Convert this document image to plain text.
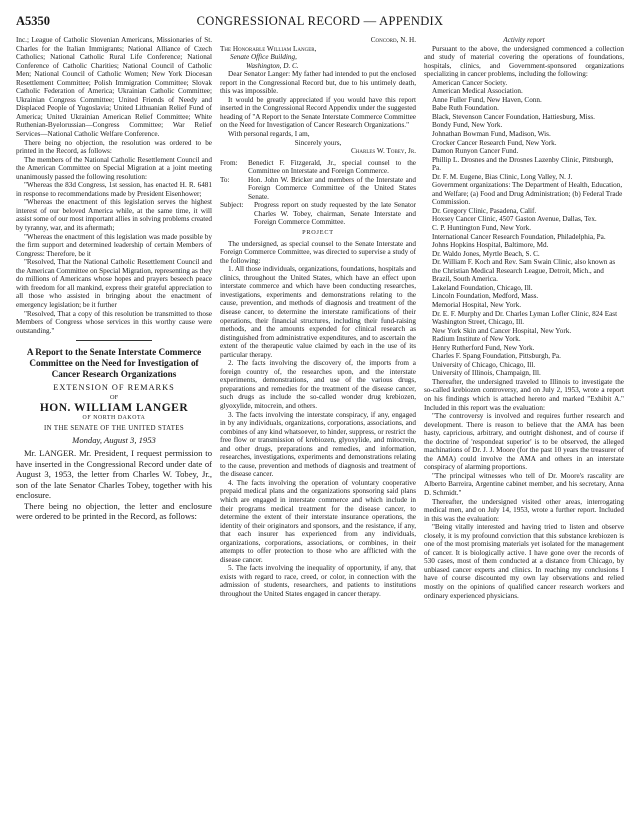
A5350	CONGRESSIONAL RECORD — APPENDIX

Inc.; League of Catholic Slovenian Americans, Missionaries of St. Charles for the Italian Immigrants; National Alliance of Czech Catholics; National Catholic Rural Life Conference; National Conference of Catholic Charities; National Council of Catholic Men; National Council of Catholic Women; New York Diocesan Resettlement Committee; Polish Immigration Committee; Slovak Catholic Federation of America; Ukrainian Catholic Committee; Ukrainian Congress Committee; United Friends of Needy and Displaced People of Yugoslavia; United Lithuanian Relief Fund of America; United Ukrainian American Relief Committee; White Ruthenian-Byelorussian—Congress Committee; War Relief Services—National Catholic Welfare Conference.

There being no objection, the resolution was ordered to be printed in the Record, as follows:

The members of the National Catholic Resettlement Council and the American Committee on Special Migration at a joint meeting unanimously passed the following resolution:

"Whereas the 83d Congress, 1st session, has enacted H. R. 6481 in response to recommendations made by President Eisenhower;

"Whereas the enactment of this legislation serves the highest interest of our beloved America while, at the same time, it will assist some of our most important allies in solving problems created by tyranny, war, and its aftermath;

"Whereas the enactment of this legislation was made possible by the firm support and determined leadership of certain Members of Congress: Therefore, be it

"Resolved, That the National Catholic Resettlement Council and the American Committee on Special Migration, representing as they do millions of Americans whose hopes and prayers beseech peace with freedom for all mankind, express their grateful appreciation to all those who assisted in bringing about the enactment of emergency legislation; be it further

"Resolved, That a copy of this resolution be transmitted to those Members of Congress whose services in this worthy cause were outstanding."

A Report to the Senate Interstate Commerce Committee on the Need for Investigation of Cancer Research Organizations
EXTENSION OF REMARKS
OF
HON. WILLIAM LANGER
OF NORTH DAKOTA
IN THE SENATE OF THE UNITED STATES
Monday, August 3, 1953

Mr. LANGER. Mr. President, I request permission to have inserted in the Congressional Record under date of August 3, 1953, the letter from Charles W. Tobey, Jr., son of the late Senator Charles Tobey, together with his enclosure.

There being no objection, the letter and enclosure were ordered to be printed in the Record, as follows:

Concord, N. H.

The Honorable William Langer,

Senate Office Building,

Washington, D. C.

Dear Senator Langer: My father had intended to put the enclosed report in the Congressional Record but, due to his untimely death, this was impossible.

It would be greatly appreciated if you would have this report inserted in the Congressional Record Appendix under the suggested heading of "A Report to the Senate Interstate Commerce Committee on the Need for Investigation of Cancer Research Organizations."

With personal regards, I am,

Sincerely yours,

Charles W. Tobey, Jr.

From: Benedict F. Fitzgerald, Jr., special counsel to the Committee on Interstate and Foreign Commerce.

To:	Hon. John W. Bricker and members of the Interstate and Foreign Commerce Committee of the United States Senate.

Subject: Progress report on study requested by the late Senator Charles W. Tobey, chairman, Senate Interstate and Foreign Commerce Committee.

PROJECT

The undersigned, as special counsel to the Senate Interstate and Foreign Commerce Committee, was directed to supervise a study of the following:

1. All those individuals, organizations, foundations, hospitals and clinics, throughout the United States, which have an effect upon interstate commerce and which have been conducting researches, investigations, experiments and demonstrations relating to the cause, prevention, and methods of diagnosis and treatment of the disease cancer, to determine the interstate ramifications of their operations, their financial structures, including their fund-raising methods, and the amounts expended for clinical research as distinguished from administrative expenditures, and to ascertain the extent of the therapeutic value claimed by each in the use of its particular therapy.

2. The facts involving the discovery of, the imports from a foreign country of, the researches upon, and the interstate experiments, demonstrations, and use of the various drugs, preparations and remedies for the treatment of the disease cancer, such drugs as include the so-called wonder drug krebiozen, glyoxylide, mitocrein, and others.

3. The facts involving the interstate conspiracy, if any, engaged in by any individuals, organizations, corporations, associations, and combines of any kind whatsoever, to hinder, suppress, or restrict the free flow or transmission of krebiozen, glyoxylide, and mitocrein, and other drugs, preparations and remedies, and information, researches, investigations, experiments and demonstrations relating to the cause, prevention and methods of diagnosis and treatment of the disease cancer.

4. The facts involving the operation of voluntary cooperative prepaid medical plans and the organizations sponsoring said plans which are engaged in interstate commerce and which include in their programs medical treatment for the disease cancer, to determine the extent of their interstate insurance operations, the identity of their originators and sponsors, and the resistance, if any, that each insurer has experienced from any individuals, organizations, corporations, associations, or combines, in their attempts to offer protection to those who are afflicted with the disease cancer.

5. The facts involving the inequality of opportunity, if any, that exists with regard to race, creed, or color, in connection with the admission of students, researchers, and patients to institutions throughout the United States engaged in cancer therapy.

Activity report

Pursuant to the above, the undersigned commenced a collection and study of material covering the operations of foundations, hospitals, clinics, and Government-sponsored organizations specializing in cancer problems, including the following:

American Cancer Society.

American Medical Association.

Anne Fuller Fund, New Haven, Conn.

Babe Ruth Foundation.

Black, Stevenson Cancer Foundation, Hattiesburg, Miss.

Bondy Fund, New York.

Johnathan Bowman Fund, Madison, Wis.

Crocker Cancer Research Fund, New York.

Damon Runyon Cancer Fund.

Phillip L. Drosnes and the Drosnes Lazenby Clinic, Pittsburgh, Pa.

Dr. F. M. Eugene, Bias Clinic, Long Valley, N. J.

Government organizations: The Department of Health, Education, and Welfare; (a) Food and Drug Administration; (b) Federal Trade Commission.

Dr. Gregory Clinic, Pasadena, Calif.

Hoxsey Cancer Clinic, 4507 Gaston Avenue, Dallas, Tex.

C. P. Huntington Fund, New York.

International Cancer Research Foundation, Philadelphia, Pa.

Johns Hopkins Hospital, Baltimore, Md.

Dr. Waldo Jones, Myrtle Beach, S. C.

Dr. William F. Koch and Rev. Sam Swain Clinic, also known as the Christian Medical Research League, Detroit, Mich., and Brazil, South America.

Lakeland Foundation, Chicago, Ill.

Lincoln Foundation, Medford, Mass.

Memorial Hospital, New York.

Dr. E. F. Murphy and Dr. Charles Lyman Lofler Clinic, 824 East Washington Street, Chicago, Ill.

New York Skin and Cancer Hospital, New York.

Radium Institute of New York.

Henry Rutherford Fund, New York.

Charles F. Spang Foundation, Pittsburgh, Pa.

University of Chicago, Chicago, Ill.

University of Illinois, Champaign, Ill.

Thereafter, the undersigned traveled to Illinois to investigate the so-called krebiozen controversy, and on July 2, 1953, wrote a report on his findings which is attached hereto and marked "Exhibit A." Included in this report was the evaluation:

"The controversy is involved and requires further research and development. There is reason to believe that the AMA has been hasty, capricious, arbitrary, and outright dishonest, and of course if the doctrine of 'respondeat superior' is to be observed, the alleged machinations of Dr. J. J. Moore (for the past 10 years the treasurer of the AMA) could involve the AMA and others in an interstate conspiracy of alarming proportions.

"The principal witnesses who tell of Dr. Moore's rascality are Alberto Barreira, Argentine cabinet member, and his secretary, Anna D. Schmidt."

Thereafter, the undersigned visited other areas, interrogating medical men, and on July 14, 1953, wrote a further report. Included in this was the evaluation:

"Being vitally interested and having tried to listen and observe closely, it is my profound conviction that this substance krebiozen is one of the most promising materials yet isolated for the management of cancer. It is biologically active. I have gone over the records of 530 cases, most of them conducted at a distance from Chicago, by unbiased cancer experts and clinics. In reaching my conclusions I have of course discounted my own lay observations and relied mostly on the opinions of qualified cancer research workers and ordinary experienced physicians.
